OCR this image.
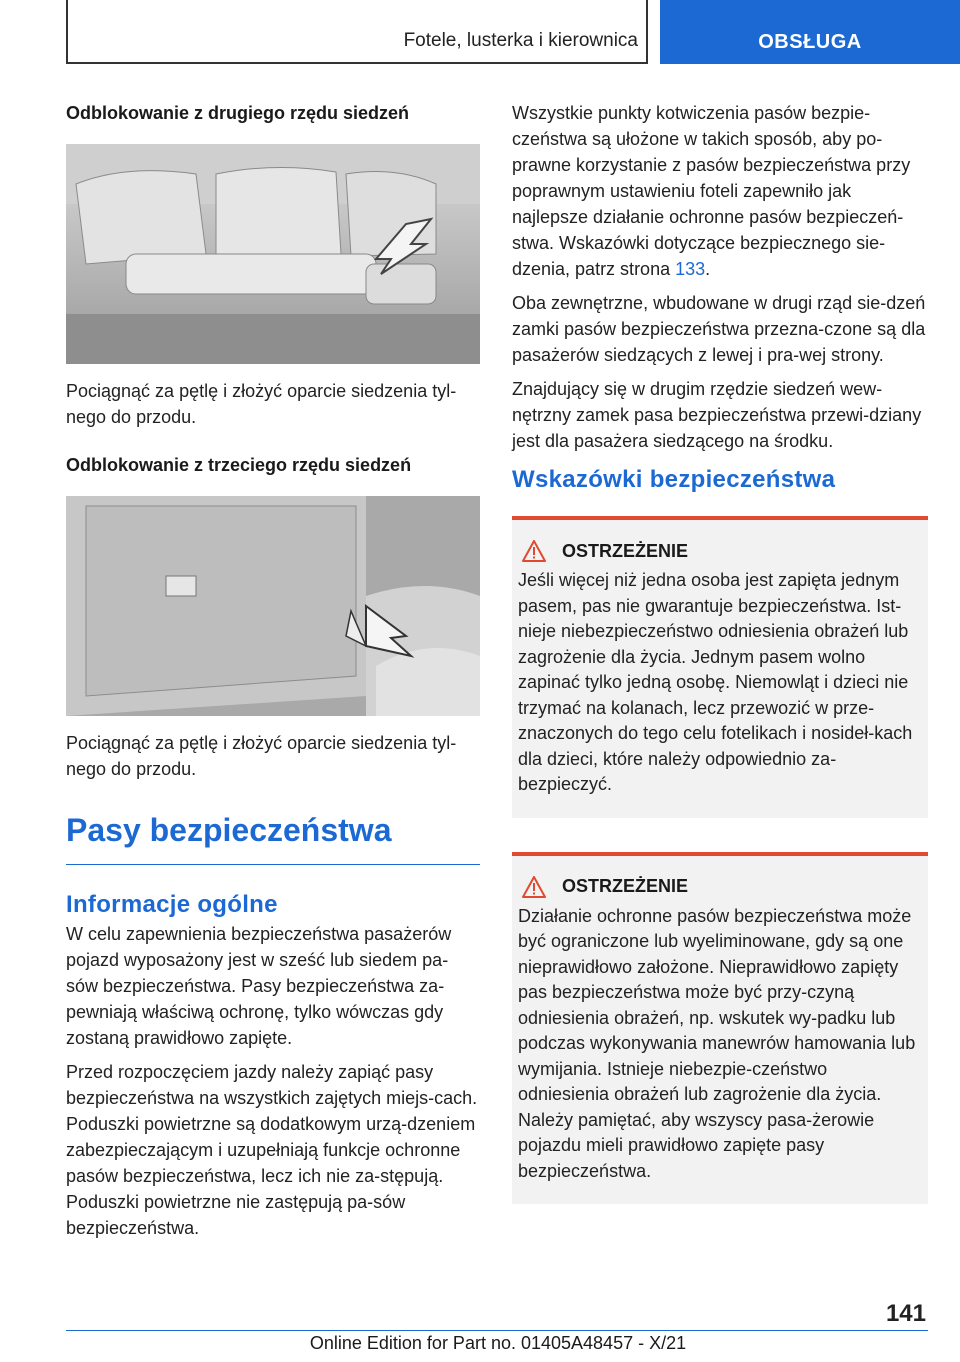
Fotele, lusterka i kierownica	OBSŁUGA
Odblokowanie z drugiego rzędu siedzeń
Pociągnąć za pętlę i złożyć oparcie siedzenia tyl-nego do przodu.
Odblokowanie z trzeciego rzędu siedzeń
Pociągnąć za pętlę i złożyć oparcie siedzenia tyl-nego do przodu.
Pasy bezpieczeństwa
Informacje ogólne

W celu zapewnienia bezpieczeństwa pasażerów pojazd wyposażony jest w sześć lub siedem pa-sów bezpieczeństwa. Pasy bezpieczeństwa za-pewniają właściwą ochronę, tylko wówczas gdy zostaną prawidłowo zapięte.

Przed rozpoczęciem jazdy należy zapiąć pasy bezpieczeństwa na wszystkich zajętych miejs-cach. Poduszki powietrzne są dodatkowym urzą-dzeniem zabezpieczającym i uzupełniają funkcje ochronne pasów bezpieczeństwa, lecz ich nie za-stępują. Poduszki powietrzne nie zastępują pa-sów bezpieczeństwa.

Wszystkie punkty kotwiczenia pasów bezpie-czeństwa są ułożone w takich sposób, aby po-prawne korzystanie z pasów bezpieczeństwa przy poprawnym ustawieniu foteli zapewniło jak najlepsze działanie ochronne pasów bezpieczeń-stwa. Wskazówki dotyczące bezpiecznego sie-dzenia, patrz strona 133.

Oba zewnętrzne, wbudowane w drugi rząd sie-dzeń zamki pasów bezpieczeństwa przezna-czone są dla pasażerów siedzących z lewej i pra-wej strony.

Znajdujący się w drugim rzędzie siedzeń wew-nętrzny zamek pasa bezpieczeństwa przewi-dziany jest dla pasażera siedzącego na środku.

Wskazówki bezpieczeństwa
OSTRZEŻENIE
Jeśli więcej niż jedna osoba jest zapięta jednym pasem, pas nie gwarantuje bezpieczeństwa. Ist-nieje niebezpieczeństwo odniesienia obrażeń lub zagrożenie dla życia. Jednym pasem wolno zapinać tylko jedną osobę. Niemowląt i dzieci nie trzymać na kolanach, lecz przewozić w prze-znaczonych do tego celu fotelikach i nosideł-kach dla dzieci, które należy odpowiednio za-bezpieczyć.
OSTRZEŻENIE
Działanie ochronne pasów bezpieczeństwa może być ograniczone lub wyeliminowane, gdy są one nieprawidłowo założone. Nieprawidłowo zapięty pas bezpieczeństwa może być przy-czyną odniesienia obrażeń, np. wskutek wy-padku lub podczas wykonywania manewrów hamowania lub wymijania. Istnieje niebezpie-czeństwo odniesienia obrażeń lub zagrożenie dla życia. Należy pamiętać, aby wszyscy pasa-żerowie pojazdu mieli prawidłowo zapięte pasy bezpieczeństwa.
141
Online Edition for Part no. 01405A48457 - X/21
